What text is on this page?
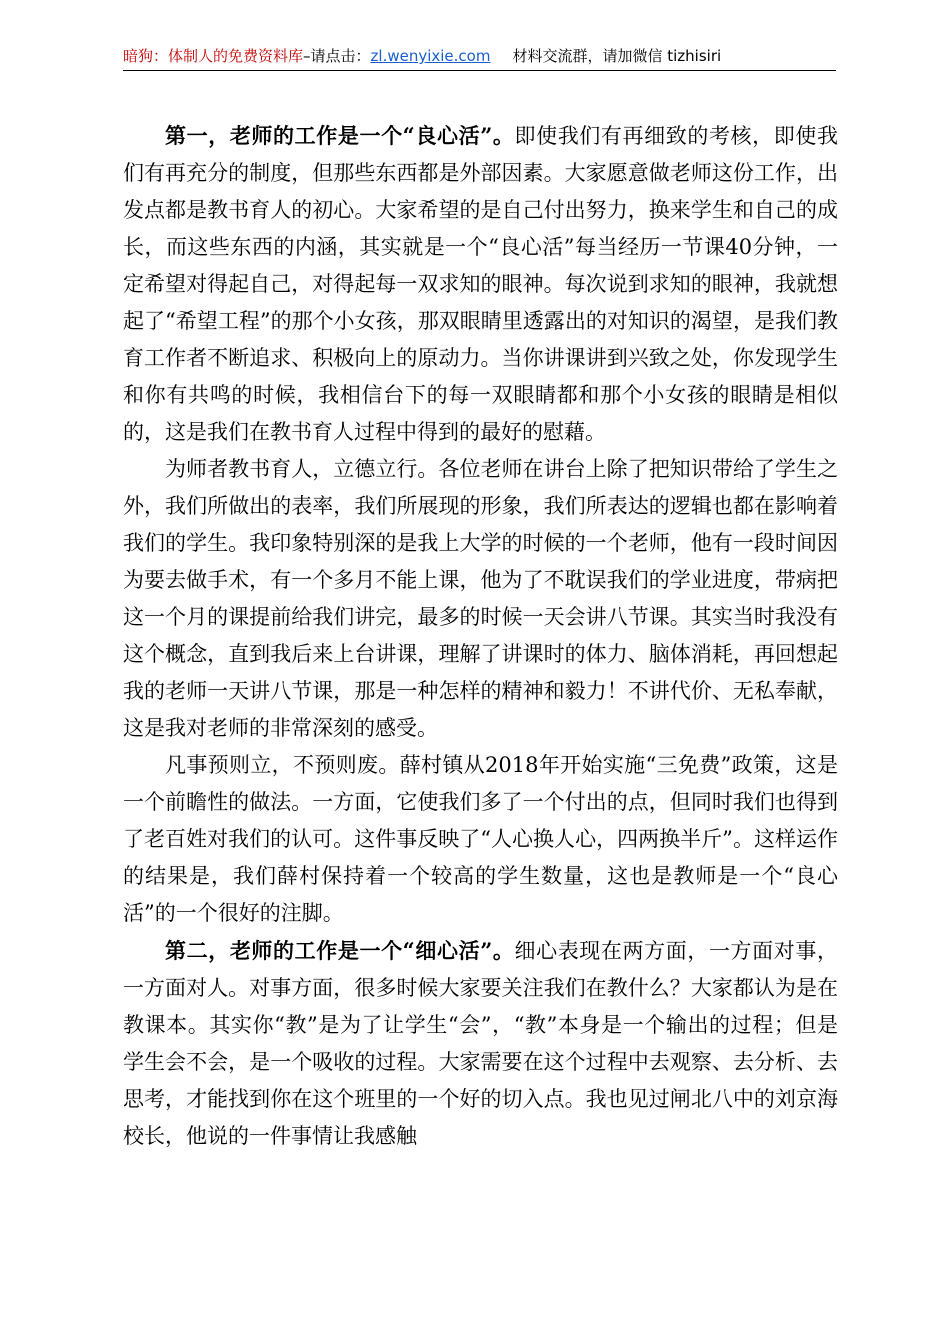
暗狗：体制人的免费资料库–请点击：zl.wenyixie.com 材料交流群，请加微信 tizhisiri

第一，老师的工作是一个“良心活”。即使我们有再细致的考核，即使我们有再充分的制度，但那些东西都是外部因素。大家愿意做老师这份工作，出发点都是教书育人的初心。大家希望的是自己付出努力，换来学生和自己的成长，而这些东西的内涵，其实就是一个“良心活”每当经历一节课40分钟，一定希望对得起自己，对得起每一双求知的眼神。每次说到求知的眼神，我就想起了“希望工程”的那个小女孩，那双眼睛里透露出的对知识的渴望，是我们教育工作者不断追求、积极向上的原动力。当你讲课讲到兴致之处，你发现学生和你有共鸣的时候，我相信台下的每一双眼睛都和那个小女孩的眼睛是相似的，这是我们在教书育人过程中得到的最好的慰藉。

为师者教书育人，立德立行。各位老师在讲台上除了把知识带给了学生之外，我们所做出的表率，我们所展现的形象，我们所表达的逻辑也都在影响着我们的学生。我印象特别深的是我上大学的时候的一个老师，他有一段时间因为要去做手术，有一个多月不能上课，他为了不耽误我们的学业进度，带病把这一个月的课提前给我们讲完，最多的时候一天会讲八节课。其实当时我没有这个概念，直到我后来上台讲课，理解了讲课时的体力、脑体消耗，再回想起我的老师一天讲八节课，那是一种怎样的精神和毅力！不讲代价、无私奉献，这是我对老师的非常深刻的感受。

凡事预则立，不预则废。薛村镇从2018年开始实施“三免费”政策，这是一个前瞻性的做法。一方面，它使我们多了一个付出的点，但同时我们也得到了老百姓对我们的认可。这件事反映了“人心换人心，四两换半斤”。这样运作的结果是，我们薛村保持着一个较高的学生数量，这也是教师是一个“良心活”的一个很好的注脚。

第二，老师的工作是一个“细心活”。细心表现在两方面，一方面对事，一方面对人。对事方面，很多时候大家要关注我们在教什么？大家都认为是在教课本。其实你“教”是为了让学生“会”，“教”本身是一个输出的过程；但是学生会不会，是一个吸收的过程。大家需要在这个过程中去观察、去分析、去思考，才能找到你在这个班里的一个好的切入点。我也见过闸北八中的刘京海校长，他说的一件事情让我感触
